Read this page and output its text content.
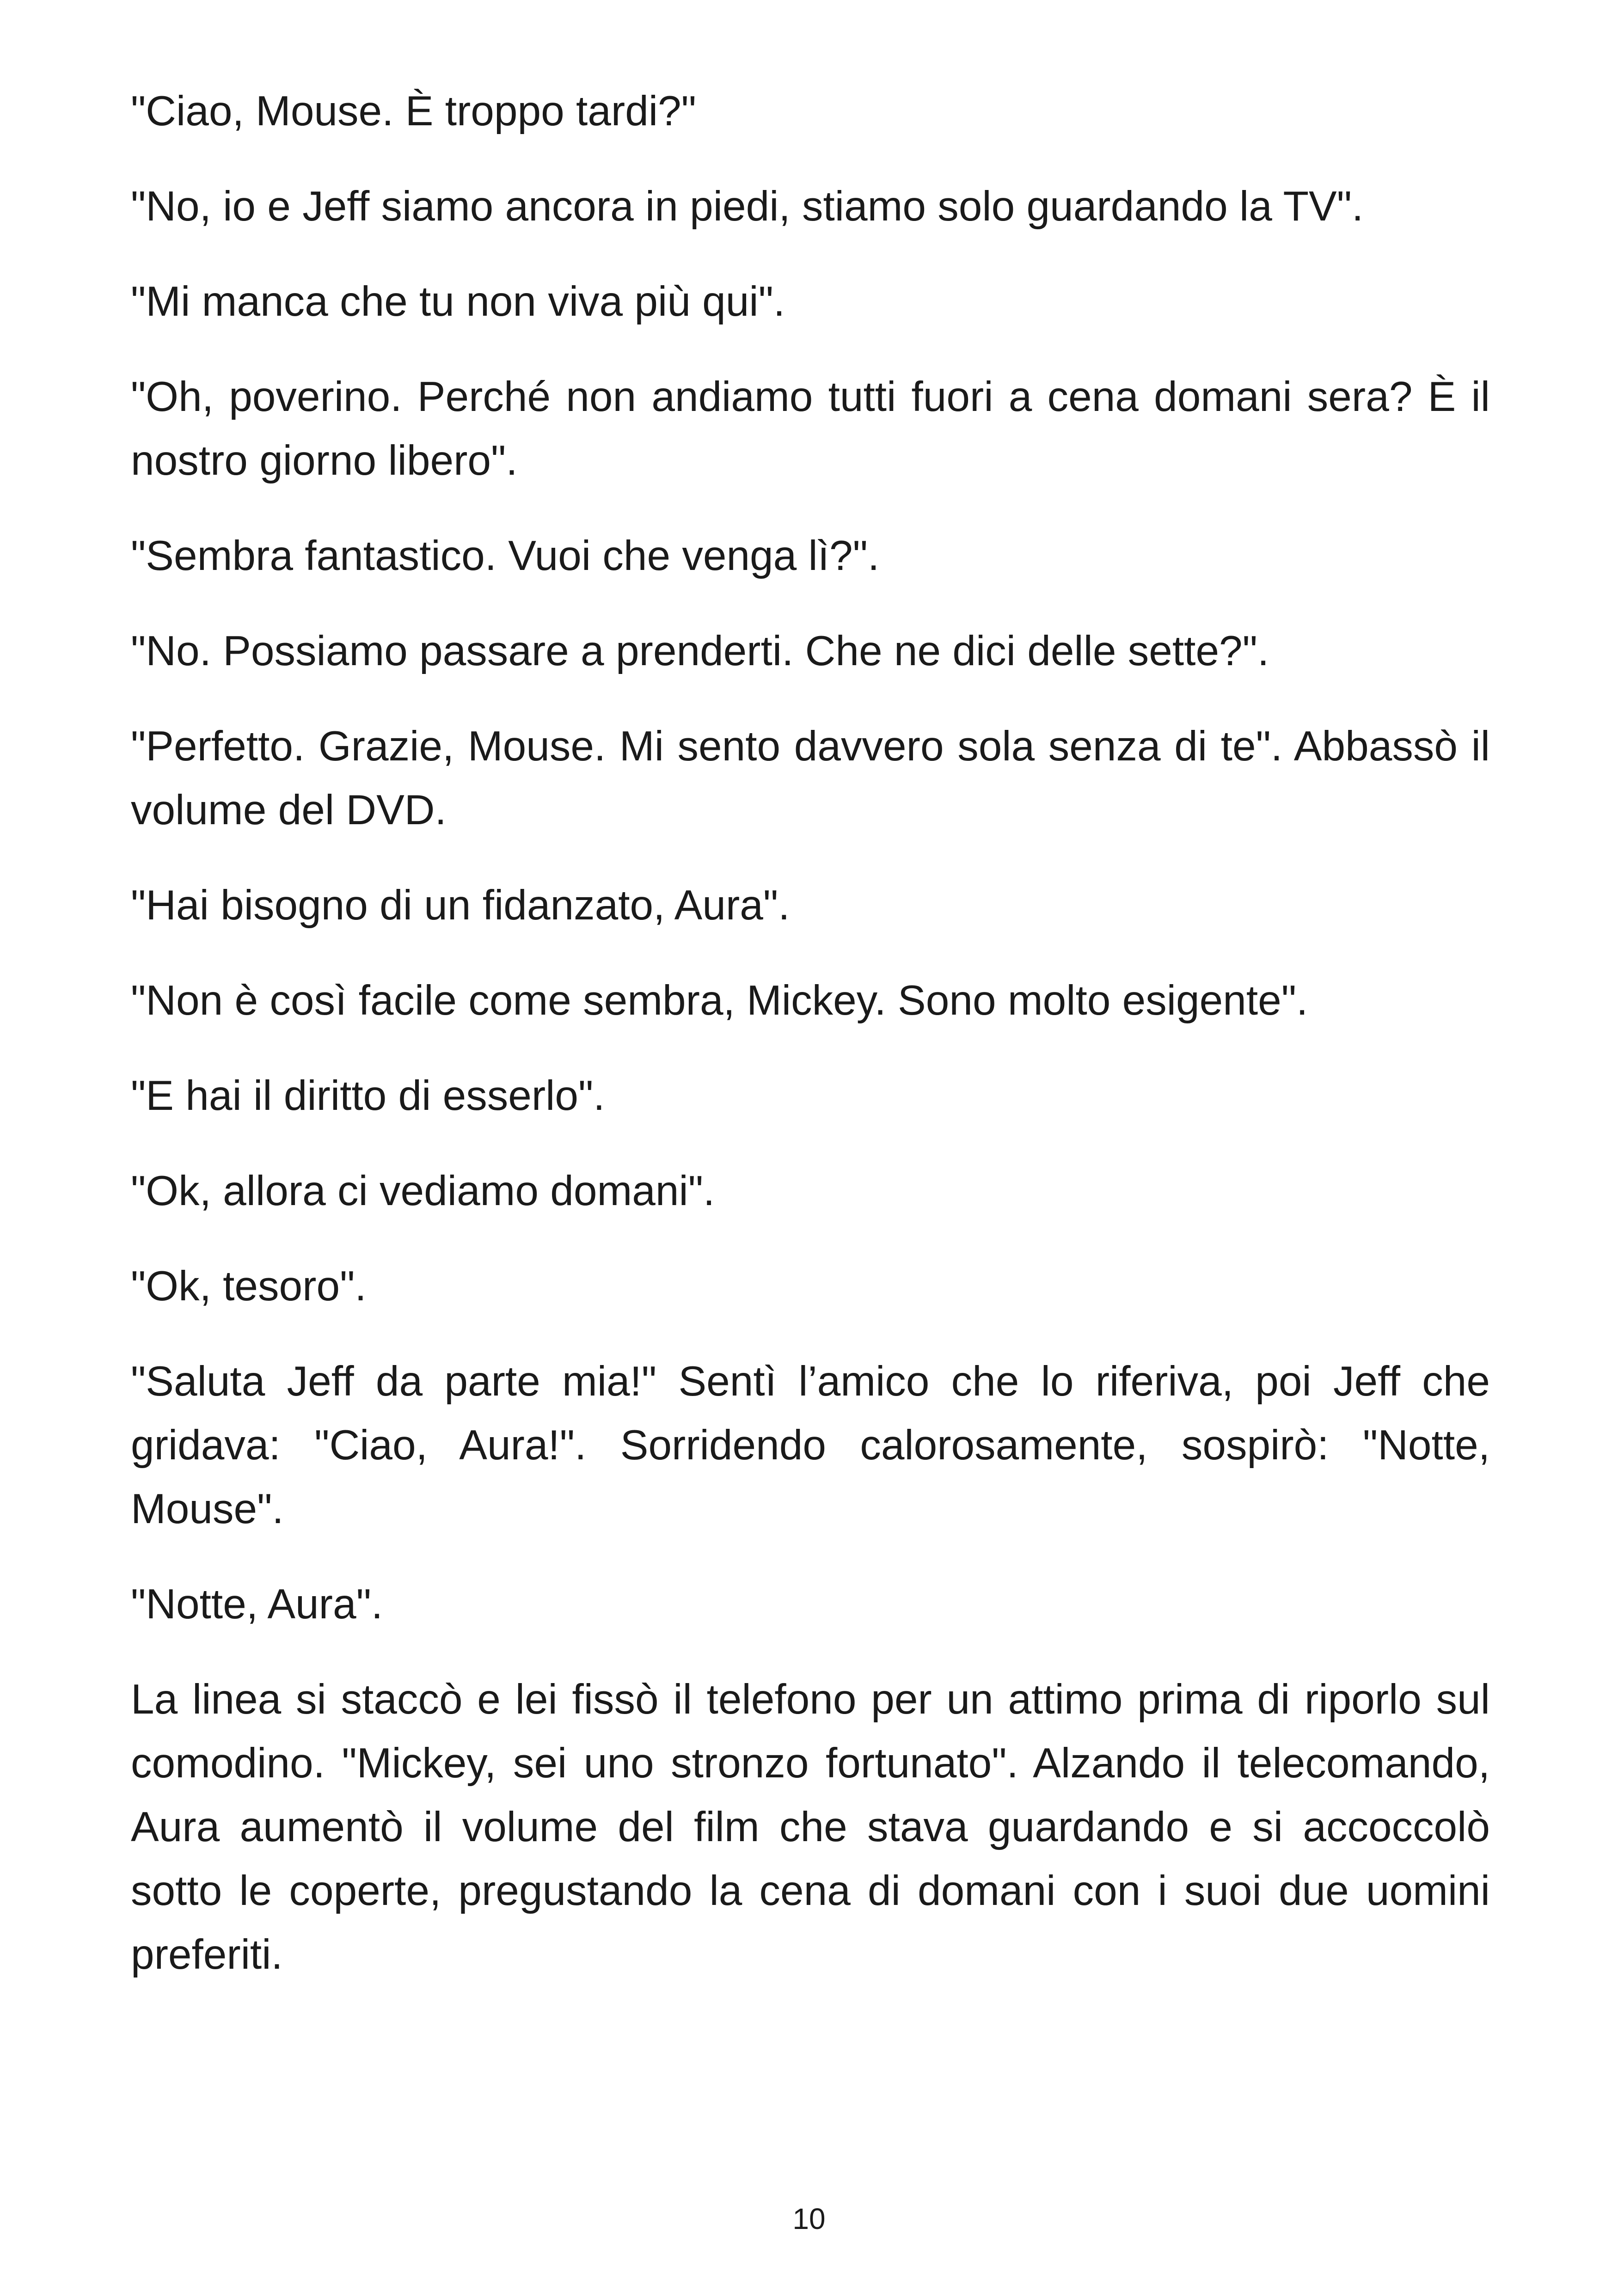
"Ciao, Mouse. È troppo tardi?"

"No, io e Jeff siamo ancora in piedi, stiamo solo guardando la TV".

"Mi manca che tu non viva più qui".

"Oh, poverino. Perché non andiamo tutti fuori a cena domani sera? È il nostro giorno libero".

"Sembra fantastico. Vuoi che venga lì?".

"No. Possiamo passare a prenderti. Che ne dici delle sette?".

"Perfetto. Grazie, Mouse. Mi sento davvero sola senza di te". Abbassò il volume del DVD.

"Hai bisogno di un fidanzato, Aura".

"Non è così facile come sembra, Mickey. Sono molto esigente".

"E hai il diritto di esserlo".

"Ok, allora ci vediamo domani".

"Ok, tesoro".

"Saluta Jeff da parte mia!" Sentì l’amico che lo riferiva, poi Jeff che gridava: "Ciao, Aura!". Sorridendo calorosamente, sospirò: "Notte, Mouse".

"Notte, Aura".

La linea si staccò e lei fissò il telefono per un attimo prima di riporlo sul comodino. "Mickey, sei uno stronzo fortunato". Alzando il telecomando, Aura aumentò il volume del film che stava guardando e si accoccolò sotto le coperte, pregustando la cena di domani con i suoi due uomini preferiti.

10
